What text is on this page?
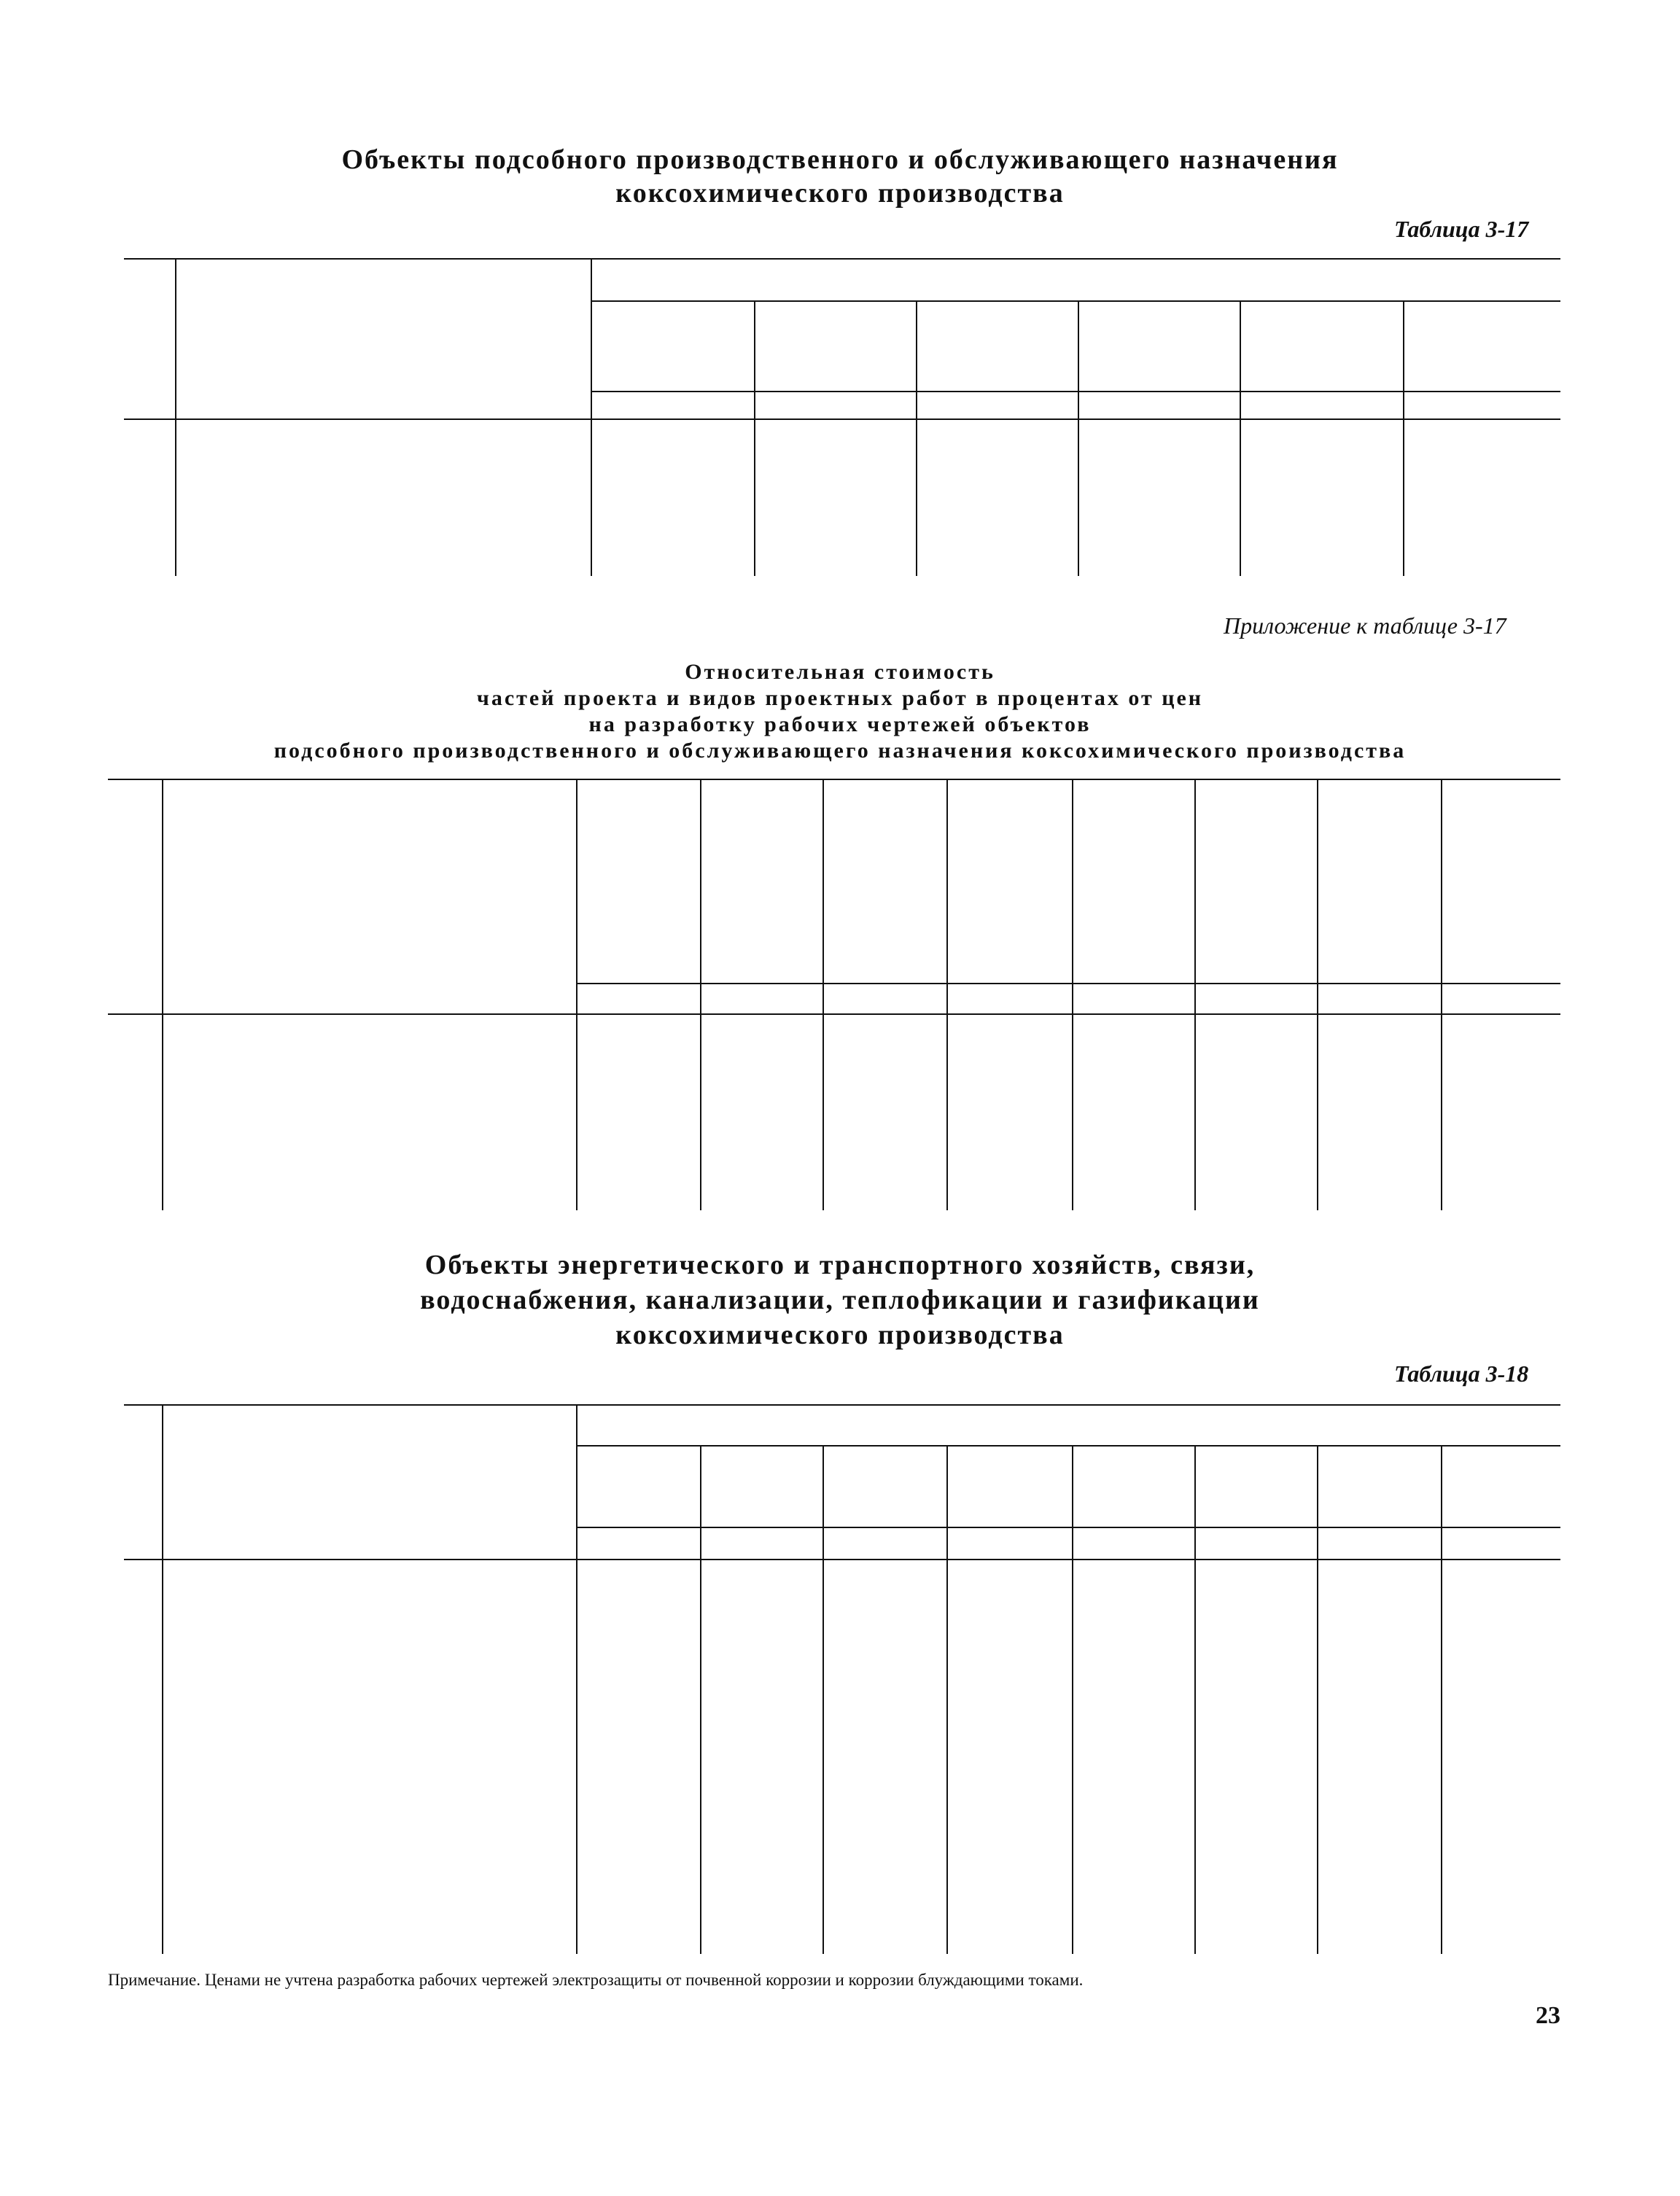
Объекты подсобного производственного и обслуживающего назначения
коксохимического производства
Таблица 3-17
Приложение к таблице 3-17
Относительная стоимость
частей проекта и видов проектных работ в процентах от цен
на разработку рабочих чертежей объектов
подсобного производственного и обслуживающего назначения коксохимического производства
Объекты энергетического и транспортного хозяйств, связи,
водоснабжения, канализации, теплофикации и газификации
коксохимического производства
Таблица 3-18
Примечание. Ценами не учтена разработка рабочих чертежей электрозащиты от почвенной коррозии и коррозии блуждающими токами.
23
